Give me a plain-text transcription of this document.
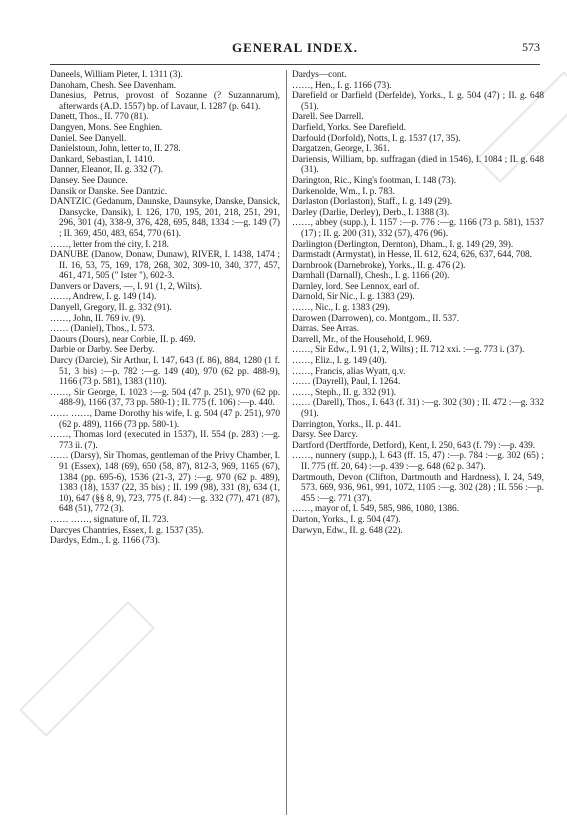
GENERAL INDEX.	573

Daneels, William Pieter, I. 1311 (3).

Danoham, Chesh. See Davenham.

Danesius, Petrus, provost of Sozanne (? Suzannarum), afterwards (A.D. 1557) bp. of Lavaur, I. 1287 (p. 641).

Danett, Thos., II. 770 (81).

Dangyen, Mons. See Enghien.

Daniel. See Danyell.

Danielstoun, John, letter to, II. 278.

Dankard, Sebastian, I. 1410.

Danner, Eleanor, II. g. 332 (7).

Dansey. See Daunce.

Dansik or Danske. See Dantzic.

DANTZIC (Gedanum, Daunske, Daunsyke, Danske, Dansick, Dansycke, Dansik), I. 126, 170, 195, 201, 218, 251, 291, 296, 301 (4), 338-9, 376, 428, 695, 848, 1334 :—g. 149 (7) ; II. 369, 450, 483, 654, 770 (61).

……, letter from the city, I. 218.

DANUBE (Danow, Donaw, Dunaw), RIVER, I. 1438, 1474 ; II. 16, 53, 75, 169, 178, 268, 302, 309-10, 340, 377, 457, 461, 471, 505 (" Ister "), 602-3.

Danvers or Davers, —, I. 91 (1, 2, Wilts).

……, Andrew, I. g. 149 (14).

Danyell, Gregory, II. g. 332 (91).

……, John, II. 769 iv. (9).

…… (Daniel), Thos., I. 573.

Daours (Dours), near Corbie, II. p. 469.

Darbie or Darby. See Derby.

Darcy (Darcie), Sir Arthur, I. 147, 643 (f. 86), 884, 1280 (1 f. 51, 3 bis) :—p. 782 :—g. 149 (40), 970 (62 pp. 488-9), 1166 (73 p. 581), 1383 (110).

……, Sir George, I. 1023 :—g. 504 (47 p. 251), 970 (62 pp. 488-9), 1166 (37, 73 pp. 580-1) ; II. 775 (f. 106) :—p. 440.

…… ……, Dame Dorothy his wife, I. g. 504 (47 p. 251), 970 (62 p. 489), 1166 (73 pp. 580-1).

……, Thomas lord (executed in 1537), II. 554 (p. 283) :—g. 773 ii. (7).

…… (Darsy), Sir Thomas, gentleman of the Privy Chamber, I. 91 (Essex), 148 (69), 650 (58, 87), 812-3, 969, 1165 (67), 1384 (pp. 695-6), 1536 (21-3, 27) :—g. 970 (62 p. 489), 1383 (18), 1537 (22, 35 bis) ; II. 199 (98), 331 (8), 634 (1, 10), 647 (§§ 8, 9), 723, 775 (f. 84) :—g. 332 (77), 471 (87), 648 (51), 772 (3).

…… ……, signature of, II. 723.

Darcyes Chantries, Essex, I. g. 1537 (35).

Dardys, Edm., I. g. 1166 (73).

Dardys—cont.

……, Hen., I. g. 1166 (73).

Darefield or Darfield (Derfelde), Yorks., I. g. 504 (47) ; II. g. 648 (51).

Darell. See Darrell.

Darfield, Yorks. See Darefield.

Darfould (Dorfold), Notts, I. g. 1537 (17, 35).

Dargatzen, George, I. 361.

Dariensis, William, bp. suffragan (died in 1546), I. 1084 ; II. g. 648 (31).

Darington, Ric., King's footman, I. 148 (73).

Darkenolde, Wm., I. p. 783.

Darlaston (Dorlaston), Staff., I. g. 149 (29).

Darley (Darlie, Derley), Derb., I. 1388 (3).

……, abbey (supp.), I. 1157 :—p. 776 :—g. 1166 (73 p. 581), 1537 (17) ; II. g. 200 (31), 332 (57), 476 (96).

Darlington (Derlington, Dernton), Dham., I. g. 149 (29, 39).

Darmstadt (Armystat), in Hesse, II. 612, 624, 626, 637, 644, 708.

Darnbrook (Darnebroke), Yorks., II. g. 476 (2).

Darnhall (Darnall), Chesh., I. g. 1166 (20).

Darnley, lord. See Lennox, earl of.

Darnold, Sir Nic., I. g. 1383 (29).

……, Nic., I. g. 1383 (29).

Darowen (Darrowen), co. Montgom., II. 537.

Darras. See Arras.

Darrell, Mr., of the Household, I. 969.

……, Sir Edw., I. 91 (1, 2, Wilts) ; II. 712 xxi. :—g. 773 i. (37).

……, Eliz., I. g. 149 (40).

……, Francis, alias Wyatt, q.v.

…… (Dayrell), Paul, I. 1264.

……, Steph., II. g. 332 (91).

…… (Darell), Thos., I. 643 (f. 31) :—g. 302 (30) ; II. 472 :—g. 332 (91).

Darrington, Yorks., II. p. 441.

Darsy. See Darcy.

Dartford (Dertfforde, Detford), Kent, I. 250, 643 (f. 79) :—p. 439.

……, nunnery (supp.), I. 643 (ff. 15, 47) :—p. 784 :—g. 302 (65) ; II. 775 (ff. 20, 64) :—p. 439 :—g. 648 (62 p. 347).

Dartmouth, Devon (Clifton, Dartmouth and Hardness), I. 24, 549, 573. 669, 936, 961, 991, 1072, 1105 :—g. 302 (28) ; II. 556 :—p. 455 :—g. 771 (37).

……, mayor of, I. 549, 585, 986, 1080, 1386.

Darton, Yorks., I. g. 504 (47).

Darwyn, Edw., II. g. 648 (22).
